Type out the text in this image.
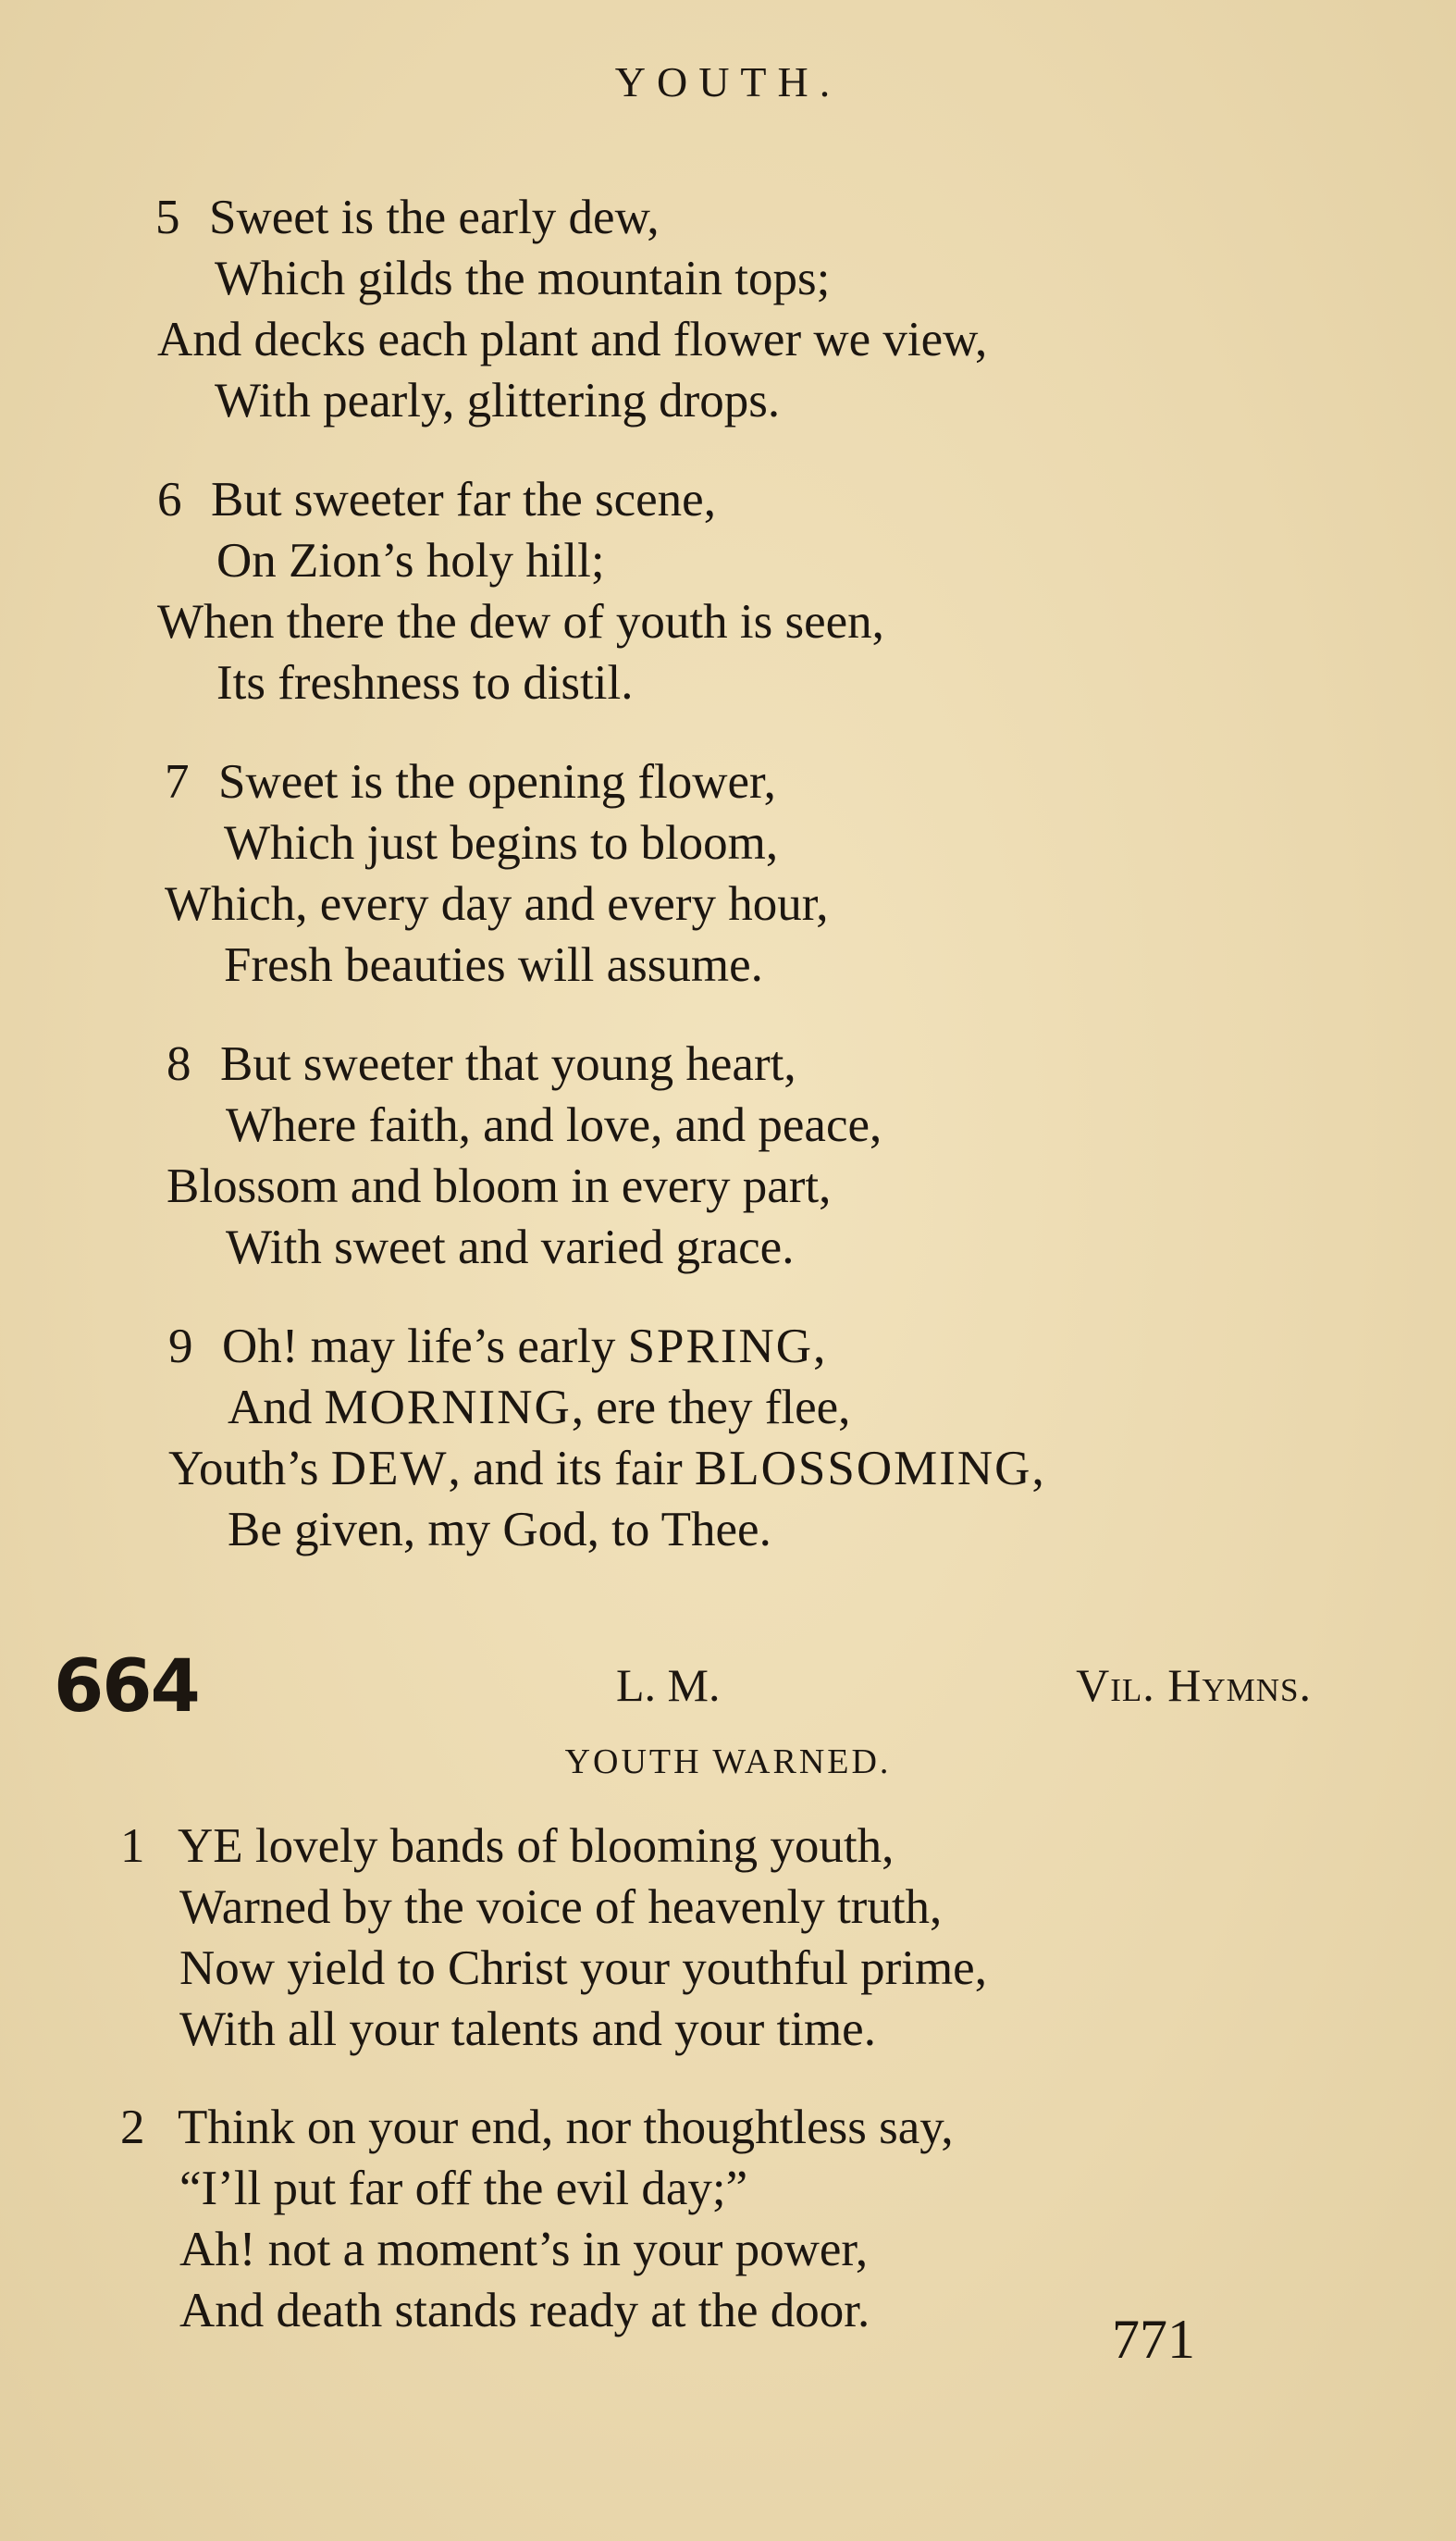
YOUTH.

5 Sweet is the early dew,
Which gilds the mountain tops;
And decks each plant and flower we view,
With pearly, glittering drops.
6 But sweeter far the scene,
On Zion’s holy hill;
When there the dew of youth is seen,
Its freshness to distil.
7 Sweet is the opening flower,
Which just begins to bloom,
Which, every day and every hour,
Fresh beauties will assume.
8 But sweeter that young heart,
Where faith, and love, and peace,
Blossom and bloom in every part,
With sweet and varied grace.
9 Oh! may life’s early SPRING,
And MORNING, ere they flee,
Youth’s DEW, and its fair BLOSSOMING,
Be given, my God, to Thee.
664	L. M.	Vil. Hymns.

YOUTH WARNED.

1 YE lovely bands of blooming youth,
Warned by the voice of heavenly truth,
Now yield to Christ your youthful prime,
With all your talents and your time.
2 Think on your end, nor thoughtless say,
“I’ll put far off the evil day;”
Ah! not a moment’s in your power,
And death stands ready at the door.	771
